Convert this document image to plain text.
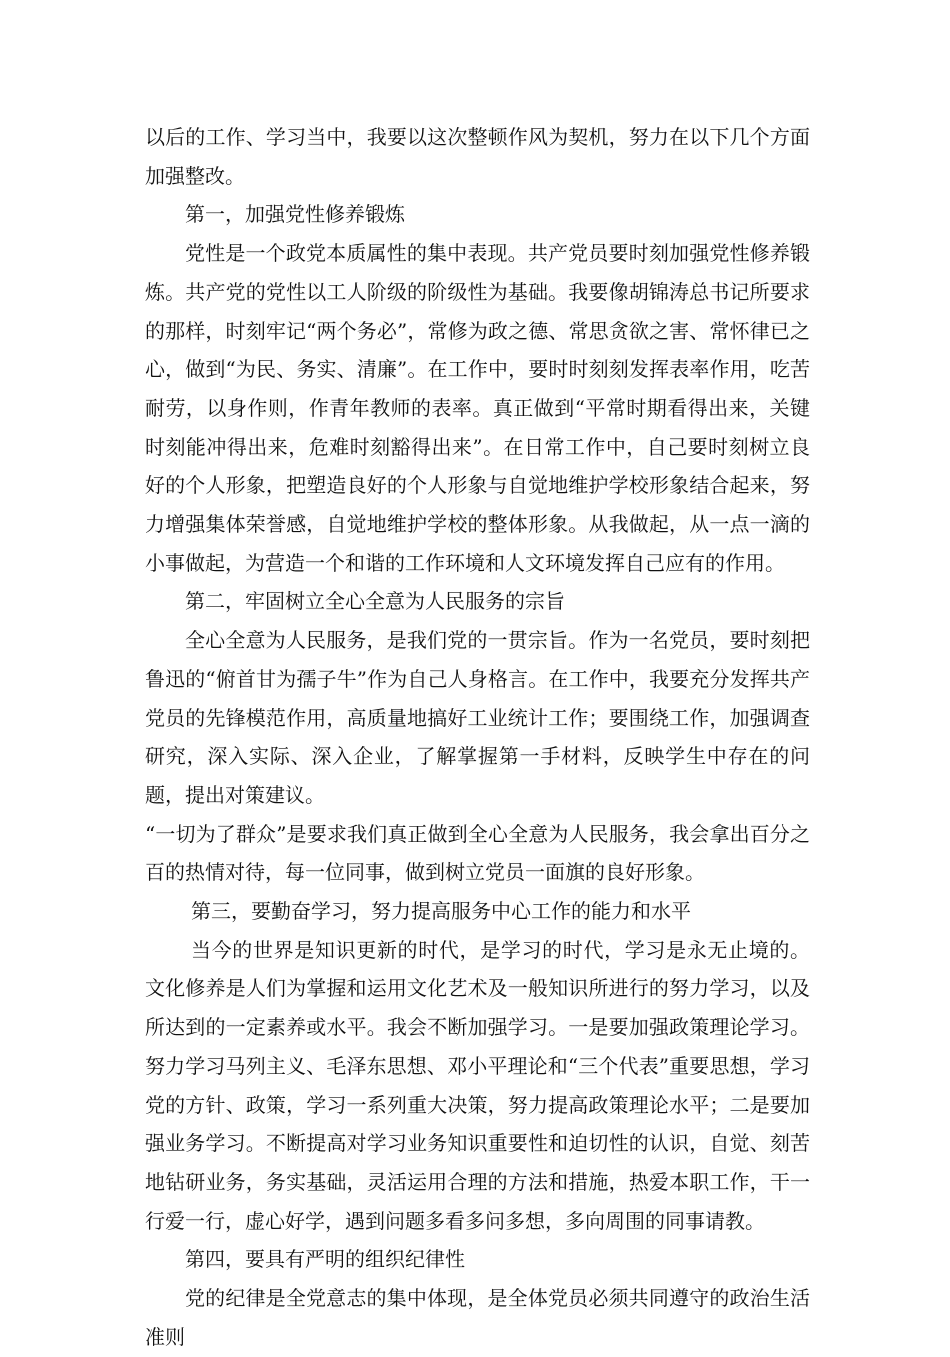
以后的工作、学习当中，我要以这次整顿作风为契机，努力在以下几个方面加强整改。

第一，加强党性修养锻炼

党性是一个政党本质属性的集中表现。共产党员要时刻加强党性修养锻炼。共产党的党性以工人阶级的阶级性为基础。我要像胡锦涛总书记所要求的那样，时刻牢记“两个务必”，常修为政之德、常思贪欲之害、常怀律已之心，做到“为民、务实、清廉”。在工作中，要时时刻刻发挥表率作用，吃苦耐劳，以身作则，作青年教师的表率。真正做到“平常时期看得出来，关键时刻能冲得出来，危难时刻豁得出来”。在日常工作中，自己要时刻树立良好的个人形象，把塑造良好的个人形象与自觉地维护学校形象结合起来，努力增强集体荣誉感，自觉地维护学校的整体形象。从我做起，从一点一滴的小事做起，为营造一个和谐的工作环境和人文环境发挥自己应有的作用。

第二，牢固树立全心全意为人民服务的宗旨

全心全意为人民服务，是我们党的一贯宗旨。作为一名党员，要时刻把鲁迅的“俯首甘为孺子牛”作为自己人身格言。在工作中，我要充分发挥共产党员的先锋模范作用，高质量地搞好工业统计工作；要围绕工作，加强调查研究，深入实际、深入企业，了解掌握第一手材料，反映学生中存在的问题，提出对策建议。

“一切为了群众”是要求我们真正做到全心全意为人民服务，我会拿出百分之百的热情对待，每一位同事，做到树立党员一面旗的良好形象。

第三，要勤奋学习，努力提高服务中心工作的能力和水平

当今的世界是知识更新的时代，是学习的时代，学习是永无止境的。文化修养是人们为掌握和运用文化艺术及一般知识所进行的努力学习，以及所达到的一定素养或水平。我会不断加强学习。一是要加强政策理论学习。努力学习马列主义、毛泽东思想、邓小平理论和“三个代表”重要思想，学习党的方针、政策，学习一系列重大决策，努力提高政策理论水平；二是要加强业务学习。不断提高对学习业务知识重要性和迫切性的认识，自觉、刻苦地钻研业务，务实基础，灵活运用合理的方法和措施，热爱本职工作，干一行爱一行，虚心好学，遇到问题多看多问多想，多向周围的同事请教。

第四，要具有严明的组织纪律性

党的纪律是全党意志的集中体现，是全体党员必须共同遵守的政治生活准则
